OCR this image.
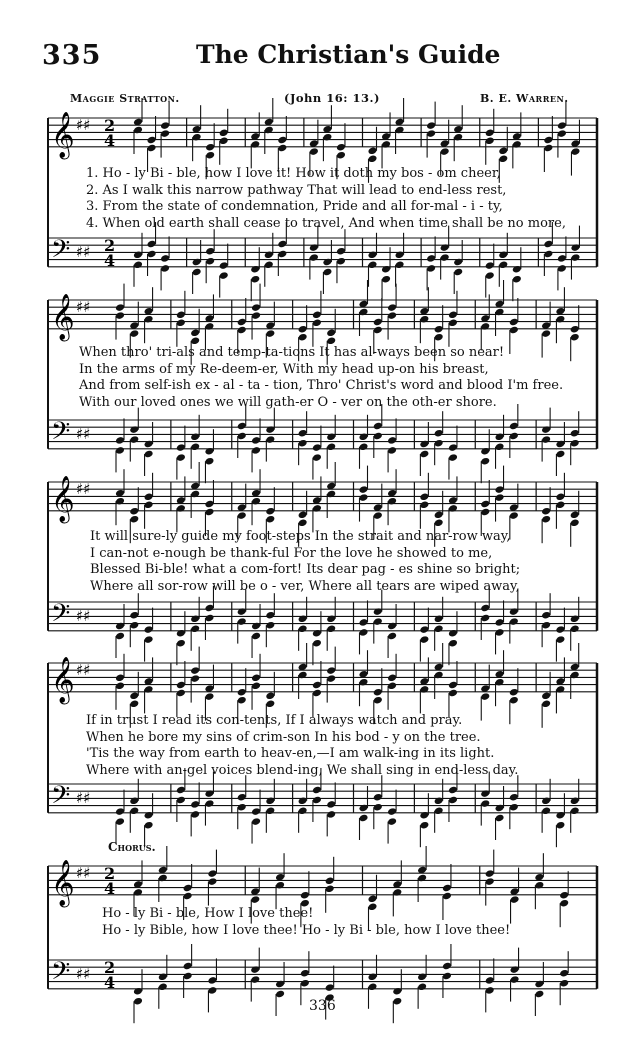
𝄞 ♯♯ 2
4
𝄢 ♯♯ 2
4
𝄞 ♯♯
𝄢 ♯♯
𝄞 ♯♯
𝄢 ♯♯
𝄞 ♯♯
𝄢 ♯♯
𝄞 ♯♯ 2
4
𝄢 ♯♯ 2
4
335	The Christian's Guide
Maggie Stratton.	(John 16: 13.)	B. E. Warren.
1. Ho - ly Bi - ble, how I love it! How it doth my bos - om cheer,
2. As I walk this narrow pathway That will lead to end-less rest,
3. From the state of condemnation, Pride and all for-mal - i - ty,
4. When old earth shall cease to travel, And when time shall be no more,
When thro' tri-als and temp-ta-tions It has al-ways been so near!
In the arms of my Re-deem-er, With my head up-on his breast,
And from self-ish ex - al - ta - tion, Thro' Christ's word and blood I'm free.
With our loved ones we will gath-er O - ver on the oth-er shore.
It will sure-ly guide my foot-steps In the strait and nar-row way,
I can-not e-nough be thank-ful For the love he showed to me,
Blessed Bi-ble! what a com-fort! Its dear pag - es shine so bright;
Where all sor-row will be o - ver, Where all tears are wiped away,
If in trust I read its con-tents, If I always watch and pray.
When he bore my sins of crim-son In his bod - y on the tree.
'Tis the way from earth to heav-en,—I am walk-ing in its light.
Where with an-gel voices blend-ing, We shall sing in end-less day.
Chorus.
Ho - ly Bi - ble, How I love thee!
Ho - ly Bible, how I love thee! Ho - ly Bi - ble, how I love thee!
336
